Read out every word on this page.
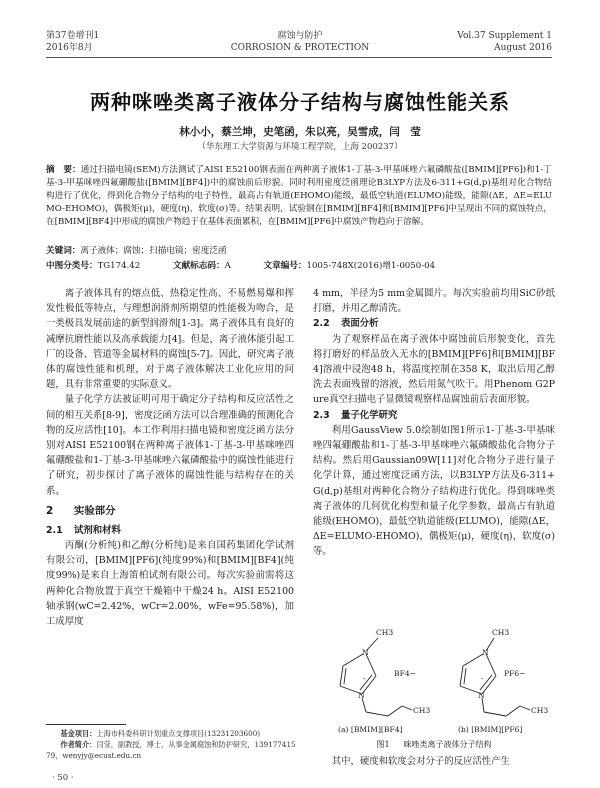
第37卷增刊1
2016年8月
腐蚀与防护
CORROSION & PROTECTION
Vol.37 Supplement 1
August 2016
两种咪唑类离子液体分子结构与腐蚀性能关系
林小小，蔡兰坤，史笔函，朱以亮，吴雪成，闫　莹
（华东理工大学资源与环境工程学院，上海 200237）
摘　要：通过扫描电镜(SEM)方法测试了AISI E52100钢表面在两种离子液体1-丁基-3-甲基咪唑六氟磷酸盐([BMIM][PF6])和1-丁基-3-甲基咪唑四氟硼酸盐([BMIM][BF4])中的腐蚀前后形貌。同时利用密度泛函理论B3LYP方法及6-311+G(d,p)基组对化合物结构进行了优化，得到化合物分子结构的电子特性，最高占有轨道(EHOMO)能级，最低空轨道(ELUMO)能级，能隙(ΔE，ΔE=ELUMO-EHOMO)，偶极矩(μ)，硬度(η)，软度(σ)等。结果表明，试验钢在[BMIM][BF4]和[BMIM][PF6]中呈现出不同的腐蚀特点，在[BMIM][BF4]中形成的腐蚀产物趋于在基体表面累积，在[BMIM][PF6]中腐蚀产物趋向于溶解。
关键词：离子液体；腐蚀；扫描电镜；密度泛函
中图分类号：TG174.42	文献标志码：A	文章编号：1005-748X(2016)增1-0050-04

离子液体具有的熔点低、热稳定性高、不易燃易爆和挥发性极低等特点，与理想润滑剂所期望的性能极为吻合，是一类极具发展前途的新型润滑剂[1-3]。离子液体具有良好的减摩抗磨性能以及高承载能力[4]。但是，离子液体能引起工厂的设备、管道等金属材料的腐蚀[5-7]。因此，研究离子液体的腐蚀性能和机理，对于离子液体解决工业化应用的问题，具有非常重要的实际意义。

量子化学方法被证明可用于确定分子结构和反应活性之间的相互关系[8-9]，密度泛函方法可以合理准确的预测化合物的反应活性[10]。本工作利用扫描电镜和密度泛函方法分别对AISI E52100钢在两种离子液体1-丁基-3-甲基咪唑四氟硼酸盐和1-丁基-3-甲基咪唑六氟磷酸盐中的腐蚀性能进行了研究，初步探讨了离子液体的腐蚀性能与结构存在的关系。

2 实验部分
2.1 试剂和材料

丙酮(分析纯)和乙醇(分析纯)是来自国药集团化学试剂有限公司，[BMIM][PF6](纯度99%)和[BMIM][BF4](纯度99%)是来自上海笛柏试剂有限公司。每次实验前需将这两种化合物放置于真空干燥箱中干燥24 h。AISI E52100轴承钢(wC=2.42%，wCr=2.00%，wFe=95.58%)，加工成厚度

4 mm，半径为5 mm金属圆片。每次实验前均用SiC砂纸打磨，并用乙醇清洗。

2.2 表面分析

为了观察样品在离子液体中腐蚀前后形貌变化，首先将打磨好的样品放入无水的[BMIM][PF6]和[BMIM][BF4]溶液中浸泡48 h，将温度控制在358 K，取出后用乙醇洗去表面残留的溶液，然后用氮气吹干。用Phenom G2Pure真空扫描电子显微镜观察样品腐蚀前后表面形貌。

2.3 量子化学研究

利用GaussView 5.0绘制如图1所示1-丁基-3-甲基咪唑四氟硼酸盐和1-丁基-3-甲基咪唑六氟磷酸盐化合物分子结构。然后用Gaussian09W[11]对化合物分子进行量子化学计算，通过密度泛函方法，以B3LYP方法及6-311+G(d,p)基组对两种化合物分子结构进行优化。得到咪唑类离子液体的几何优化构型和量子化学参数，最高占有轨道能级(EHOMO)，最低空轨道能级(ELUMO)，能隙(ΔE，ΔE=ELUMO-EHOMO)，偶极矩(μ)，硬度(η)，软度(σ)等。

N
N
-
CH3
BF4−
CH3
(a) [BMIM][BF4]
N
N
-
CH3
PF6−
CH3
(b) [BMIM][PF6]
图1 咪唑类离子液体分子结构
其中，硬度和软度会对分子的反应活性产生
基金项目：上海市科委科研计划重点支撑项目(13231203600)
作者简介：闫莹，副教授，博士，从事金属腐蚀和防护研究，13917741579，wenyjy@ecust.edu.cn
· 50 ·
